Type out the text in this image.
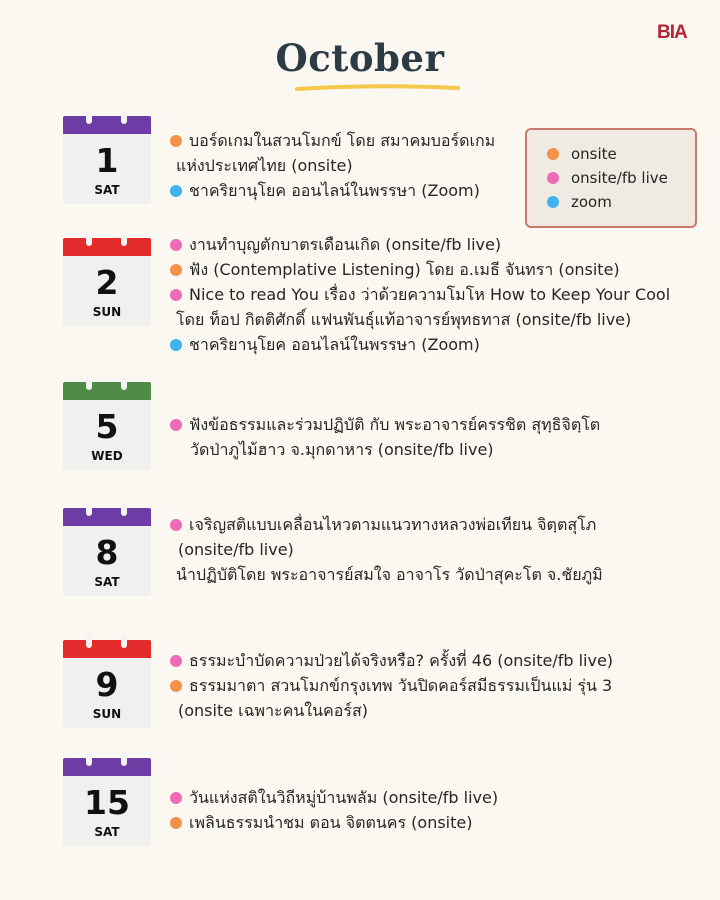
BIA
October
onsite
onsite/fb live
zoom
1
SAT
บอร์ดเกมในสวนโมกข์ โดย สมาคมบอร์ดเกม
แห่งประเทศไทย (onsite)
ชาคริยานุโยค ออนไลน์ในพรรษา (Zoom)
2
SUN
งานทำบุญตักบาตรเดือนเกิด (onsite/fb live)
ฟัง (Contemplative Listening) โดย อ.เมธี จันทรา (onsite)
Nice to read You เรื่อง ว่าด้วยความโมโห How to Keep Your Cool
โดย ท็อป กิตติศักดิ์ แฟนพันธุ์แท้อาจารย์พุทธทาส (onsite/fb live)
ชาคริยานุโยค ออนไลน์ในพรรษา (Zoom)
5
WED
ฟังข้อธรรมและร่วมปฏิบัติ กับ พระอาจารย์ครรชิต สุทฺธิจิตฺโต
วัดป่าภูไม้ฮาว จ.มุกดาหาร (onsite/fb live)
8
SAT
เจริญสติแบบเคลื่อนไหวตามแนวทางหลวงพ่อเทียน จิตฺตสุโภ
(onsite/fb live)
นำปฏิบัติโดย พระอาจารย์สมใจ อาจาโร วัดป่าสุคะโต จ.ชัยภูมิ
9
SUN
ธรรมะบำบัดความป่วยได้จริงหรือ? ครั้งที่ 46 (onsite/fb live)
ธรรมมาตา สวนโมกข์กรุงเทพ วันปิดคอร์สมีธรรมเป็นแม่ รุ่น 3
(onsite เฉพาะคนในคอร์ส)
15
SAT
วันแห่งสติในวิถีหมู่บ้านพลัม (onsite/fb live)
เพลินธรรมนำชม ตอน จิตตนคร (onsite)
